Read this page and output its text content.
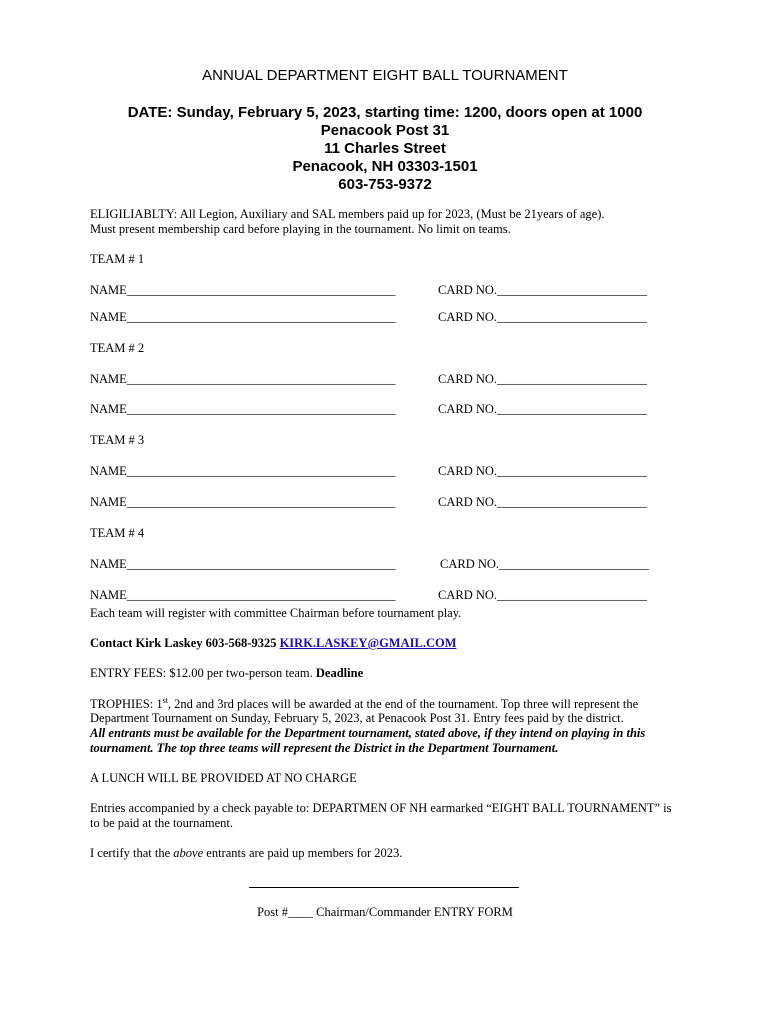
ANNUAL DEPARTMENT EIGHT BALL TOURNAMENT
DATE: Sunday, February 5, 2023, starting time: 1200, doors open at 1000
Penacook Post 31
11 Charles Street
Penacook, NH 03303-1501
603-753-9372
ELIGILIABLTY: All Legion, Auxiliary and SAL members paid up for 2023, (Must be 21years of age).
Must present membership card before playing in the tournament. No limit on teams.
TEAM # 1
NAME___________________________________________	CARD NO.________________________
NAME___________________________________________	CARD NO.________________________
TEAM # 2
NAME___________________________________________	CARD NO.________________________
NAME___________________________________________	CARD NO.________________________
TEAM # 3
NAME___________________________________________	CARD NO.________________________
NAME___________________________________________	CARD NO.________________________
TEAM # 4
NAME___________________________________________	CARD NO.________________________
NAME___________________________________________	CARD NO.________________________
Each team will register with committee Chairman before tournament play.
Contact Kirk Laskey 603-568-9325 KIRK.LASKEY@GMAIL.COM
ENTRY FEES: $12.00 per two-person team. Deadline
TROPHIES: 1st, 2nd and 3rd places will be awarded at the end of the tournament. Top three will represent the
Department Tournament on Sunday, February 5, 2023, at Penacook Post 31. Entry fees paid by the district.
All entrants must be available for the Department tournament, stated above, if they intend on playing in this
tournament. The top three teams will represent the District in the Department Tournament.
A LUNCH WILL BE PROVIDED AT NO CHARGE
Entries accompanied by a check payable to: DEPARTMEN OF NH earmarked “EIGHT BALL TOURNAMENT” is
to be paid at the tournament.
I certify that the above entrants are paid up members for 2023.
Post #____ Chairman/Commander ENTRY FORM
